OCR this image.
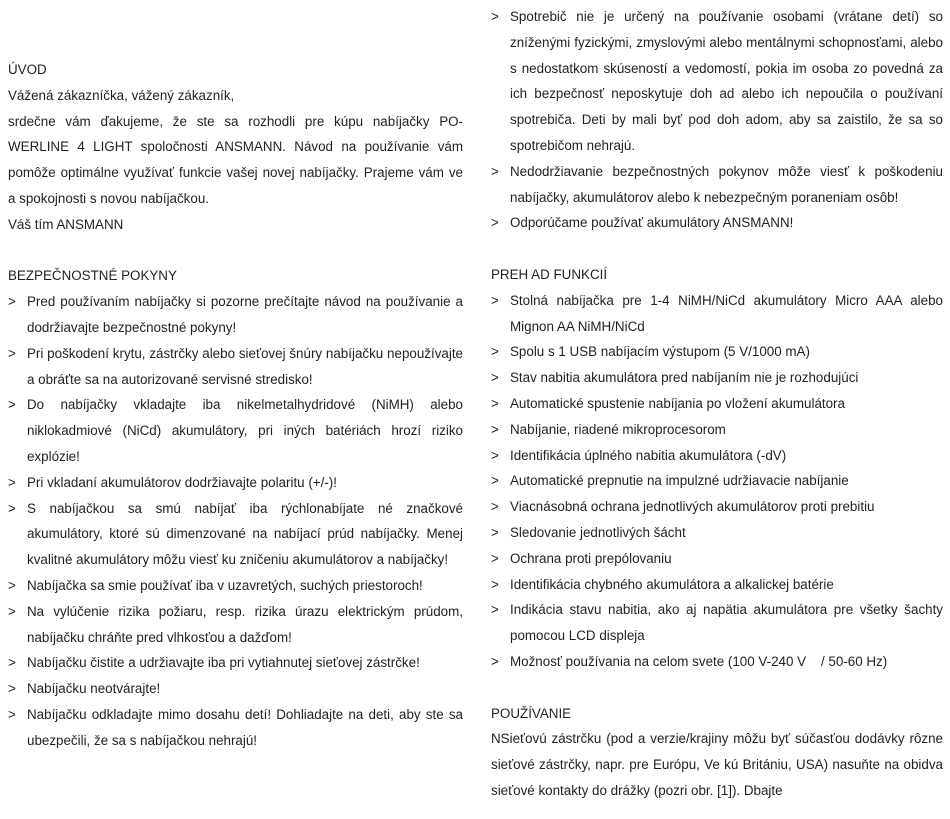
ÚVOD

Vážená zákazníčka, vážený zákazník,

srdečne vám ďakujeme, že ste sa rozhodli pre kúpu nabíjačky PO-WERLINE 4 LIGHT spoločnosti ANSMANN. Návod na používanie vám pomôže optimálne využívať funkcie vašej novej nabíjačky. Prajeme vám ve a spokojnosti s novou nabíjačkou.

Váš tím ANSMANN

BEZPEČNOSTNÉ POKYNY

> Pred používaním nabíjačky si pozorne prečítajte návod na používanie a dodržiavajte bezpečnostné pokyny!
> Pri poškodení krytu, zástrčky alebo sieťovej šnúry nabíjačku nepoužívajte a obráťte sa na autorizované servisné stredisko!
> Do nabíjačky vkladajte iba nikelmetalhydridové (NiMH) alebo niklokadmiové (NiCd) akumulátory, pri iných batériách hrozí riziko explózie!
> Pri vkladaní akumulátorov dodržiavajte polaritu (+/-)!
> S nabíjačkou sa smú nabíjať iba rýchlonabíjate né značkové akumulátory, ktoré sú dimenzované na nabíjací prúd nabíjačky. Menej kvalitné akumulátory môžu viesť ku zničeniu akumulátorov a nabíjačky!
> Nabíjačka sa smie používať iba v uzavretých, suchých priestoroch!
> Na vylúčenie rizika požiaru, resp. rizika úrazu elektrickým prúdom, nabíjačku chráňte pred vlhkosťou a dažďom!
> Nabíjačku čistite a udržiavajte iba pri vytiahnutej sieťovej zástrčke!
> Nabíjačku neotvárajte!
> Nabíjačku odkladajte mimo dosahu detí! Dohliadajte na deti, aby ste sa ubezpečili, že sa s nabíjačkou nehrajú!
> Spotrebič nie je určený na používanie osobami (vrátane detí) so zníženými fyzickými, zmyslovými alebo mentálnymi schopnosťami, alebo s nedostatkom skúseností a vedomostí, pokia im osoba zo povedná za ich bezpečnosť neposkytuje doh ad alebo ich nepoučila o používaní spotrebiča. Deti by mali byť pod doh adom, aby sa zaistilo, že sa so spotrebičom nehrajú.
> Nedodržiavanie bezpečnostných pokynov môže viesť k poškodeniu nabíjačky, akumulátorov alebo k nebezpečným poraneniam osôb!
> Odporúčame používať akumulátory ANSMANN!

PREH AD FUNKCIÍ

> Stolná nabíjačka pre 1-4 NiMH/NiCd akumulátory Micro AAA alebo Mignon AA NiMH/NiCd
> Spolu s 1 USB nabíjacím výstupom (5 V/1000 mA)
> Stav nabitia akumulátora pred nabíjaním nie je rozhodujúci
> Automatické spustenie nabíjania po vložení akumulátora
> Nabíjanie, riadené mikroprocesorom
> Identifikácia úplného nabitia akumulátora (-dV)
> Automatické prepnutie na impulzné udržiavacie nabíjanie
> Viacnásobná ochrana jednotlivých akumulátorov proti prebitiu
> Sledovanie jednotlivých šácht
> Ochrana proti prepólovaniu
> Identifikácia chybného akumulátora a alkalickej batérie
> Indikácia stavu nabitia, ako aj napätia akumulátora pre všetky šachty pomocou LCD displeja
> Možnosť používania na celom svete (100 V-240 V    / 50-60 Hz)

POUŽÍVANIE

NSieťovú zástrčku (pod a verzie/krajiny môžu byť súčasťou dodávky rôzne sieťové zástrčky, napr. pre Európu, Ve kú Britániu, USA) nasuňte na obidva sieťové kontakty do drážky (pozri obr. [1]). Dbajte
